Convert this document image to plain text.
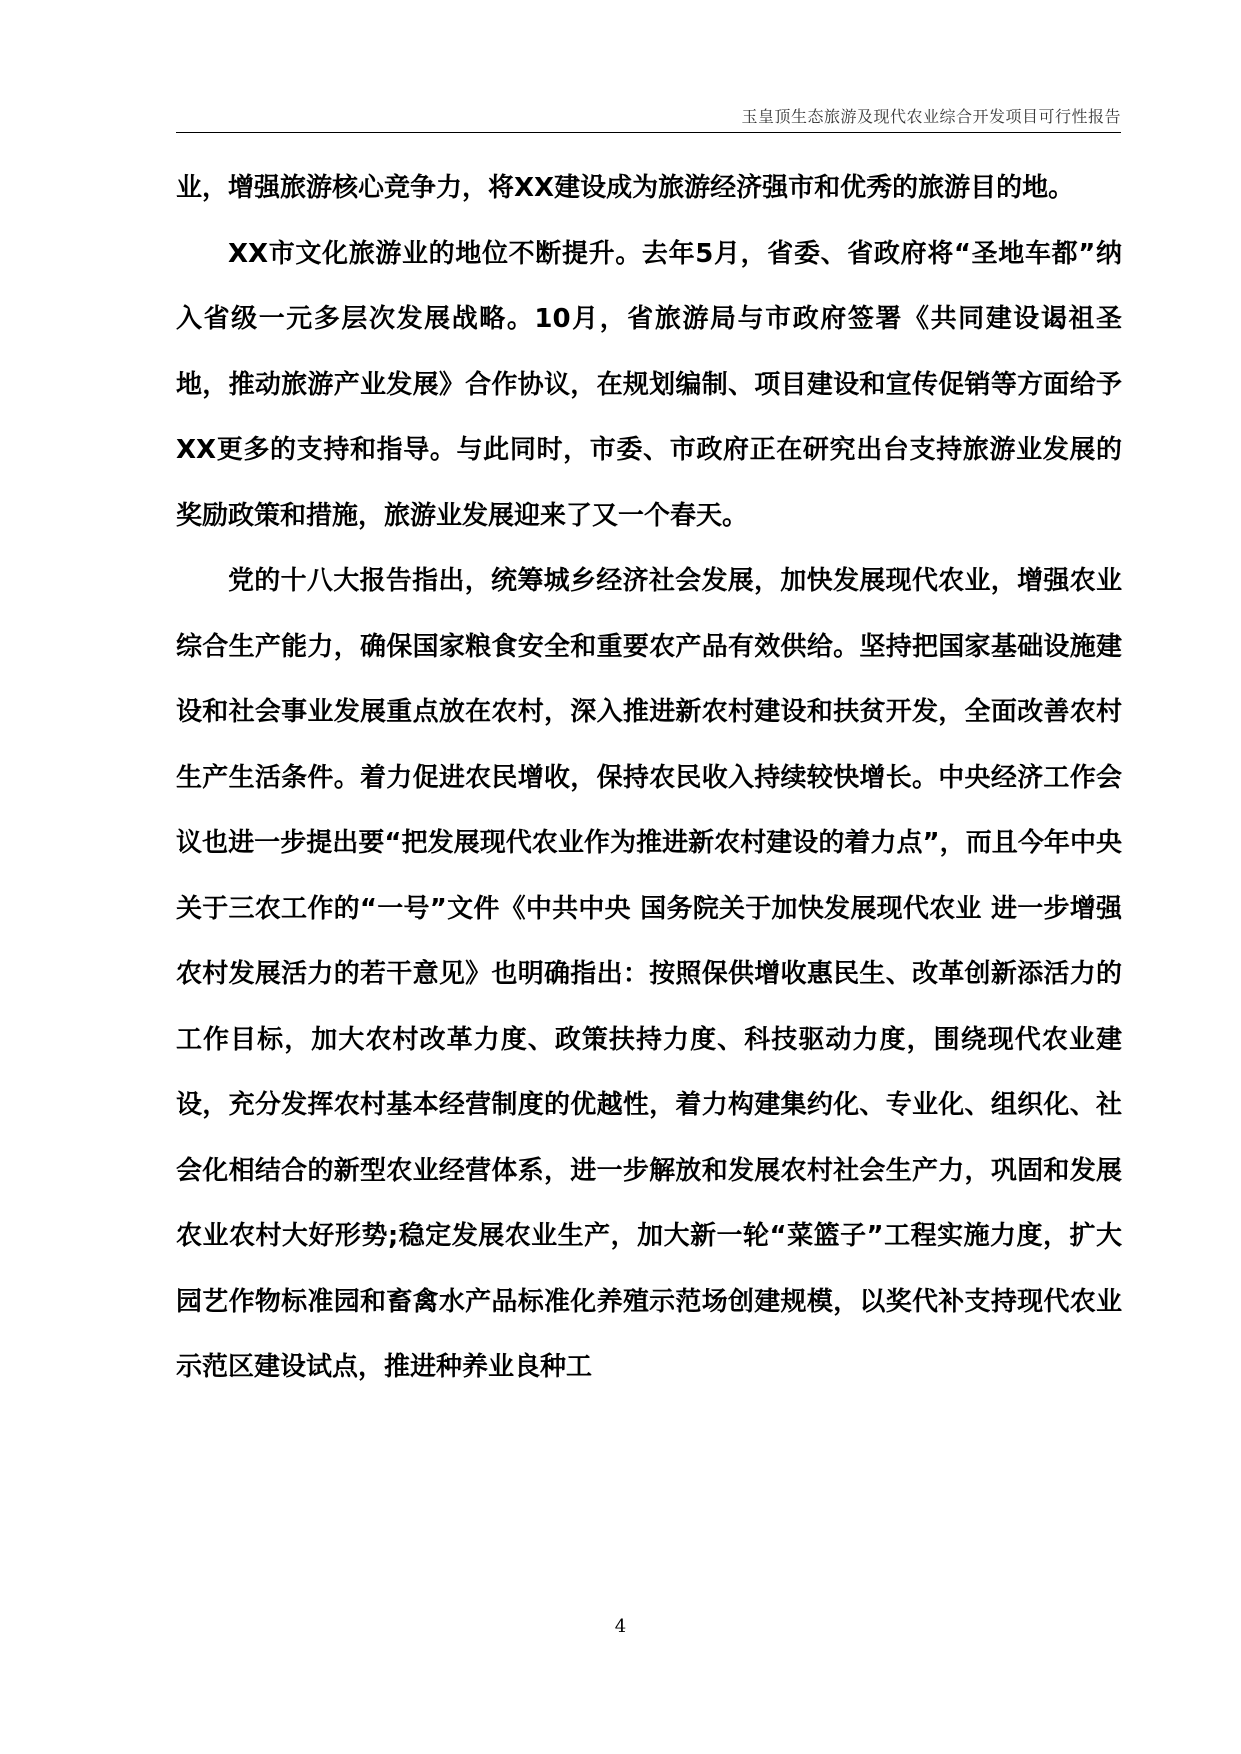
玉皇顶生态旅游及现代农业综合开发项目可行性报告

业，增强旅游核心竞争力，将XX建设成为旅游经济强市和优秀的旅游目的地。

XX市文化旅游业的地位不断提升。去年5月，省委、省政府将“圣地车都”纳入省级一元多层次发展战略。10月，省旅游局与市政府签署《共同建设谒祖圣地，推动旅游产业发展》合作协议，在规划编制、项目建设和宣传促销等方面给予XX更多的支持和指导。与此同时，市委、市政府正在研究出台支持旅游业发展的奖励政策和措施，旅游业发展迎来了又一个春天。

党的十八大报告指出，统筹城乡经济社会发展，加快发展现代农业，增强农业综合生产能力，确保国家粮食安全和重要农产品有效供给。坚持把国家基础设施建设和社会事业发展重点放在农村，深入推进新农村建设和扶贫开发，全面改善农村生产生活条件。着力促进农民增收，保持农民收入持续较快增长。中央经济工作会议也进一步提出要“把发展现代农业作为推进新农村建设的着力点”，而且今年中央关于三农工作的“一号”文件《中共中央 国务院关于加快发展现代农业 进一步增强农村发展活力的若干意见》也明确指出：按照保供增收惠民生、改革创新添活力的工作目标，加大农村改革力度、政策扶持力度、科技驱动力度，围绕现代农业建设，充分发挥农村基本经营制度的优越性，着力构建集约化、专业化、组织化、社会化相结合的新型农业经营体系，进一步解放和发展农村社会生产力，巩固和发展农业农村大好形势;稳定发展农业生产，加大新一轮“菜篮子”工程实施力度，扩大园艺作物标准园和畜禽水产品标准化养殖示范场创建规模，以奖代补支持现代农业示范区建设试点，推进种养业良种工

4
